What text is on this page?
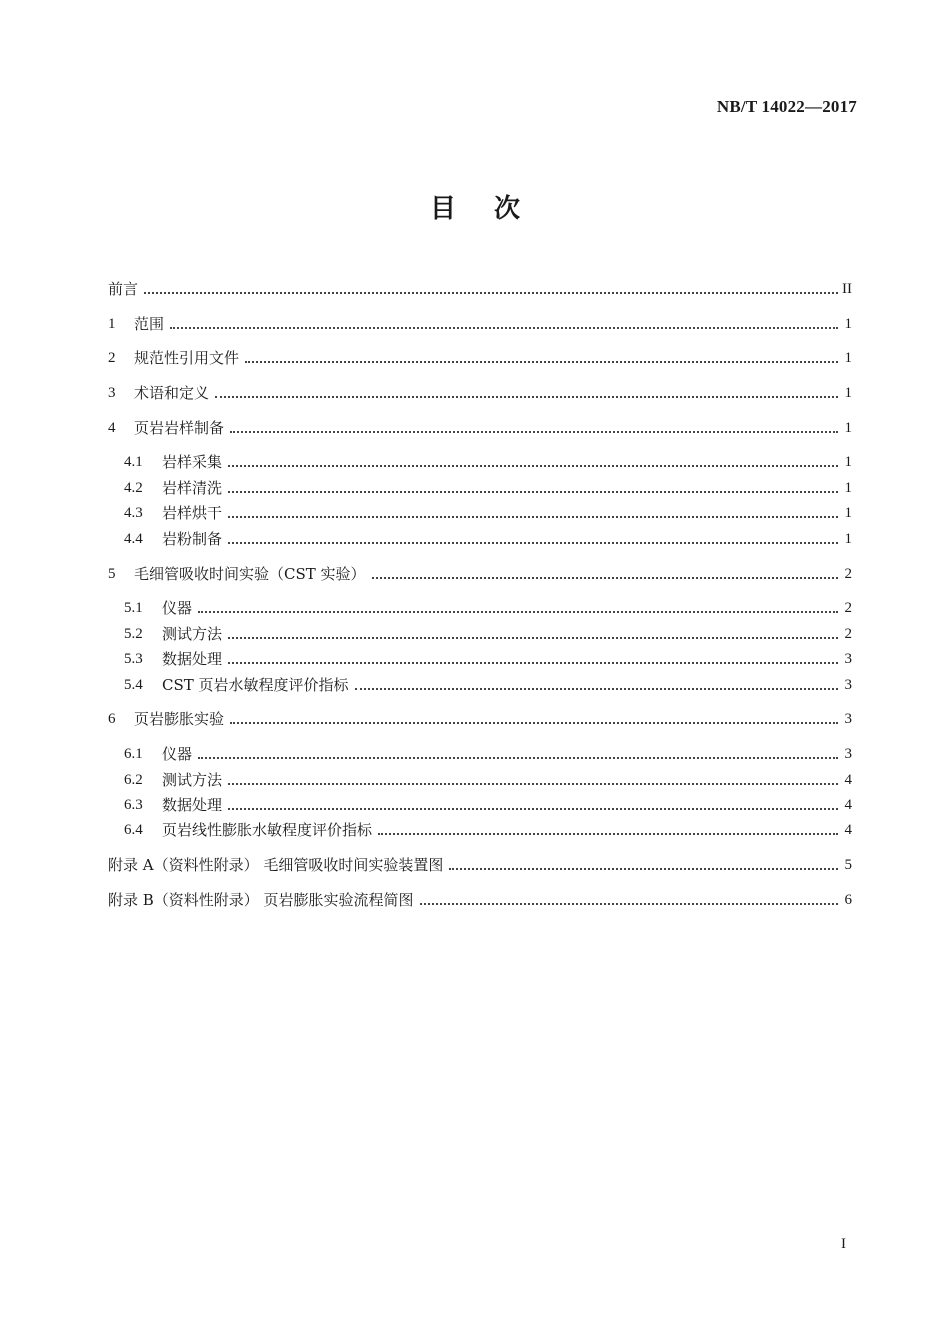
NB/T 14022—2017
目次
前言	II
1	范围	1
2	规范性引用文件	1
3	术语和定义	1
4	页岩岩样制备	1
4.1	岩样采集	1
4.2	岩样清洗	1
4.3	岩样烘干	1
4.4	岩粉制备	1
5	毛细管吸收时间实验（CST 实验）	2
5.1	仪器	2
5.2	测试方法	2
5.3	数据处理	3
5.4	CST 页岩水敏程度评价指标	3
6	页岩膨胀实验	3
6.1	仪器	3
6.2	测试方法	4
6.3	数据处理	4
6.4	页岩线性膨胀水敏程度评价指标	4
附录 A（资料性附录） 毛细管吸收时间实验装置图	5
附录 B（资料性附录） 页岩膨胀实验流程简图	6
I
